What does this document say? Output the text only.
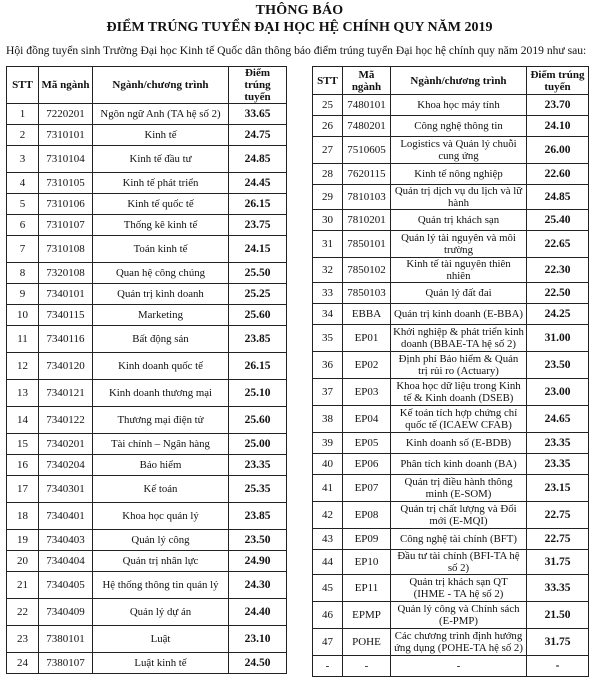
THÔNG BÁO
ĐIỂM TRÚNG TUYỂN ĐẠI HỌC HỆ CHÍNH QUY NĂM 2019
Hội đồng tuyển sinh Trường Đại học Kinh tế Quốc dân thông báo điểm trúng tuyển Đại học hệ chính quy năm 2019 như sau:
STT	Mã ngành	Ngành/chương trình	Điểm trúng tuyển
1	7220201	Ngôn ngữ Anh (TA hệ số 2)	33.65
2	7310101	Kinh tế	24.75
3	7310104	Kinh tế đầu tư	24.85
4	7310105	Kinh tế phát triển	24.45
5	7310106	Kinh tế quốc tế	26.15
6	7310107	Thống kê kinh tế	23.75
7	7310108	Toán kinh tế	24.15
8	7320108	Quan hệ công chúng	25.50
9	7340101	Quản trị kinh doanh	25.25
10	7340115	Marketing	25.60
11	7340116	Bất động sản	23.85
12	7340120	Kinh doanh quốc tế	26.15
13	7340121	Kinh doanh thương mại	25.10
14	7340122	Thương mại điện tử	25.60
15	7340201	Tài chính – Ngân hàng	25.00
16	7340204	Bảo hiểm	23.35
17	7340301	Kế toán	25.35
18	7340401	Khoa học quản lý	23.85
19	7340403	Quản lý công	23.50
20	7340404	Quản trị nhân lực	24.90
21	7340405	Hệ thống thông tin quản lý	24.30
22	7340409	Quản lý dự án	24.40
23	7380101	Luật	23.10
24	7380107	Luật kinh tế	24.50
STT	Mã ngành	Ngành/chương trình	Điểm trúng tuyển
25	7480101	Khoa học máy tính	23.70
26	7480201	Công nghệ thông tin	24.10
27	7510605	Logistics và Quản lý chuỗi cung ứng	26.00
28	7620115	Kinh tế nông nghiệp	22.60
29	7810103	Quản trị dịch vụ du lịch và lữ hành	24.85
30	7810201	Quản trị khách sạn	25.40
31	7850101	Quản lý tài nguyên và môi trường	22.65
32	7850102	Kinh tế tài nguyên thiên nhiên	22.30
33	7850103	Quản lý đất đai	22.50
34	EBBA	Quản trị kinh doanh (E-BBA)	24.25
35	EP01	Khởi nghiệp & phát triển kinh doanh (BBAE-TA hệ số 2)	31.00
36	EP02	Định phí Bảo hiểm & Quản trị rủi ro (Actuary)	23.50
37	EP03	Khoa học dữ liệu trong Kinh tế & Kinh doanh (DSEB)	23.00
38	EP04	Kế toán tích hợp chứng chỉ quốc tế (ICAEW CFAB)	24.65
39	EP05	Kinh doanh số (E-BDB)	23.35
40	EP06	Phân tích kinh doanh (BA)	23.35
41	EP07	Quản trị điều hành thông minh (E-SOM)	23.15
42	EP08	Quản trị chất lượng và Đổi mới (E-MQI)	22.75
43	EP09	Công nghệ tài chính (BFT)	22.75
44	EP10	Đầu tư tài chính (BFI-TA hệ số 2)	31.75
45	EP11	Quản trị khách sạn QT (IHME - TA hệ số 2)	33.35
46	EPMP	Quản lý công và Chính sách (E-PMP)	21.50
47	POHE	Các chương trình định hướng ứng dụng (POHE-TA hệ số 2)	31.75
-	-	-	-
